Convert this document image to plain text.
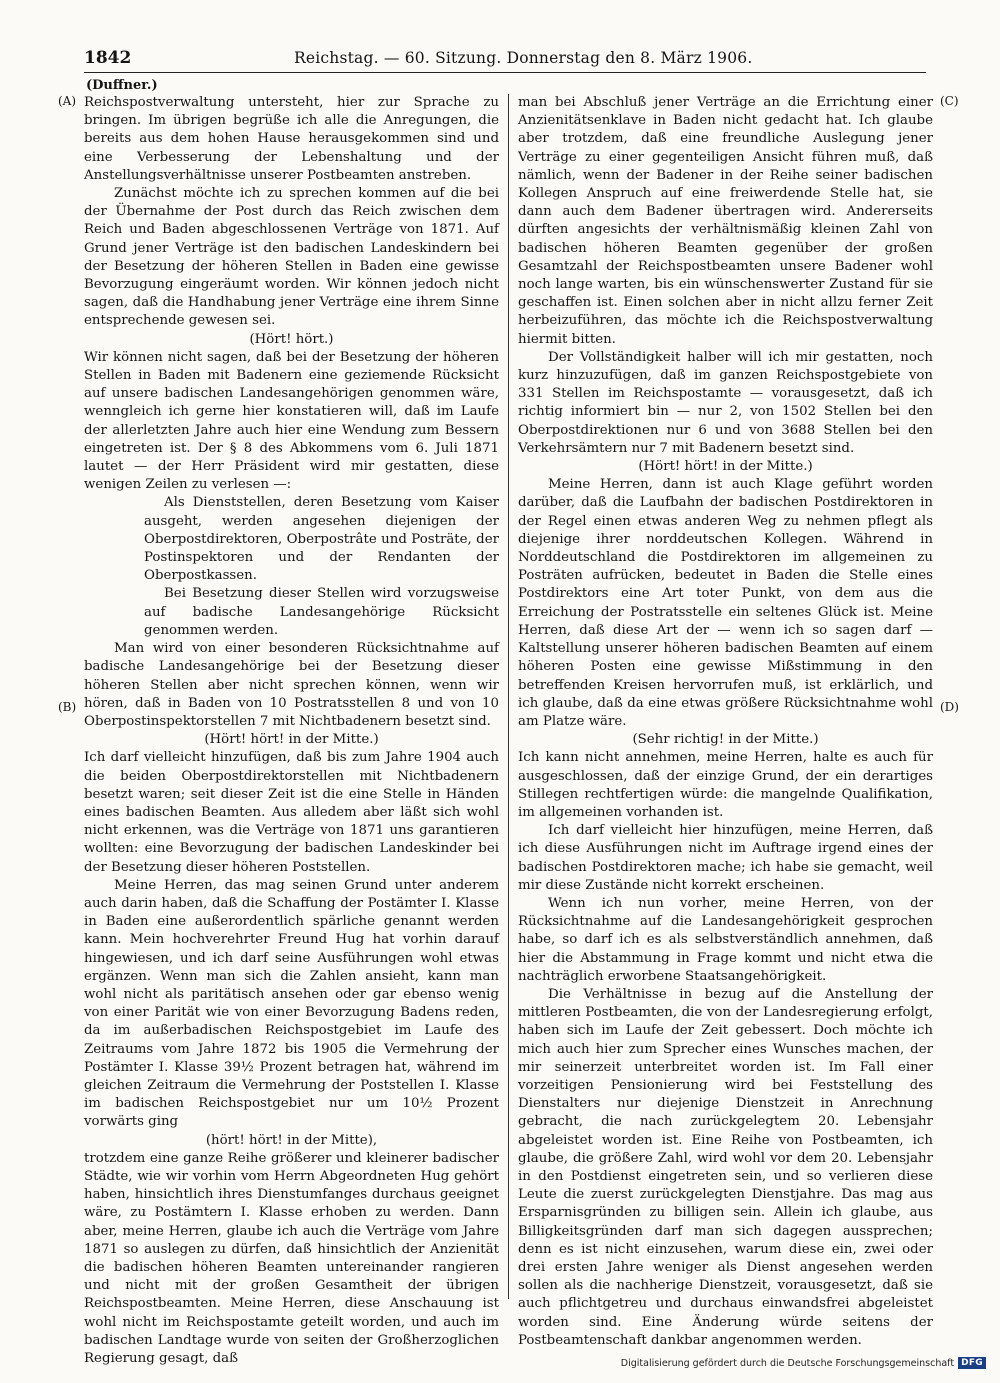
1842	Reichstag. — 60. Sitzung. Donnerstag den 8. März 1906.
(Duffner.)
(A)
(B)
(C)
(D)

Reichspostverwaltung untersteht, hier zur Sprache zu bringen. Im übrigen begrüße ich alle die Anregungen, die bereits aus dem hohen Hause herausgekommen sind und eine Verbesserung der Lebenshaltung und der Anstellungsverhältnisse unserer Postbeamten anstreben.

Zunächst möchte ich zu sprechen kommen auf die bei der Übernahme der Post durch das Reich zwischen dem Reich und Baden abgeschlossenen Verträge von 1871. Auf Grund jener Verträge ist den badischen Landeskindern bei der Besetzung der höheren Stellen in Baden eine gewisse Bevorzugung eingeräumt worden. Wir können jedoch nicht sagen, daß die Handhabung jener Verträge eine ihrem Sinne entsprechende gewesen sei.

(Hört! hört.)

Wir können nicht sagen, daß bei der Besetzung der höheren Stellen in Baden mit Badenern eine geziemende Rücksicht auf unsere badischen Landesangehörigen genommen wäre, wenngleich ich gerne hier konstatieren will, daß im Laufe der allerletzten Jahre auch hier eine Wendung zum Bessern eingetreten ist. Der § 8 des Abkommens vom 6. Juli 1871 lautet — der Herr Präsident wird mir gestatten, diese wenigen Zeilen zu verlesen —:

Als Dienststellen, deren Besetzung vom Kaiser ausgeht, werden angesehen diejenigen der Oberpostdirektoren, Oberpostrâte und Posträte, der Postinspektoren und der Rendanten der Oberpostkassen.

Bei Besetzung dieser Stellen wird vorzugsweise auf badische Landesangehörige Rücksicht genommen werden.

Man wird von einer besonderen Rücksichtnahme auf badische Landesangehörige bei der Besetzung dieser höheren Stellen aber nicht sprechen können, wenn wir hören, daß in Baden von 10 Postratsstellen 8 und von 10 Oberpostinspektorstellen 7 mit Nichtbadenern besetzt sind.

(Hört! hört! in der Mitte.)

Ich darf vielleicht hinzufügen, daß bis zum Jahre 1904 auch die beiden Oberpostdirektorstellen mit Nichtbadenern besetzt waren; seit dieser Zeit ist die eine Stelle in Händen eines badischen Beamten. Aus alledem aber läßt sich wohl nicht erkennen, was die Verträge von 1871 uns garantieren wollten: eine Bevorzugung der badischen Landeskinder bei der Besetzung dieser höheren Poststellen.

Meine Herren, das mag seinen Grund unter anderem auch darin haben, daß die Schaffung der Postämter I. Klasse in Baden eine außerordentlich spärliche genannt werden kann. Mein hochverehrter Freund Hug hat vorhin darauf hingewiesen, und ich darf seine Ausführungen wohl etwas ergänzen. Wenn man sich die Zahlen ansieht, kann man wohl nicht als paritätisch ansehen oder gar ebenso wenig von einer Parität wie von einer Bevorzugung Badens reden, da im außerbadischen Reichspostgebiet im Laufe des Zeitraums vom Jahre 1872 bis 1905 die Vermehrung der Postämter I. Klasse 39½ Prozent betragen hat, während im gleichen Zeitraum die Vermehrung der Poststellen I. Klasse im badischen Reichspostgebiet nur um 10½ Prozent vorwärts ging

(hört! hört! in der Mitte),

trotzdem eine ganze Reihe größerer und kleinerer badischer Städte, wie wir vorhin vom Herrn Abgeordneten Hug gehört haben, hinsichtlich ihres Dienstumfanges durchaus geeignet wäre, zu Postämtern I. Klasse erhoben zu werden. Dann aber, meine Herren, glaube ich auch die Verträge vom Jahre 1871 so auslegen zu dürfen, daß hinsichtlich der Anzienität die badischen höheren Beamten untereinander rangieren und nicht mit der großen Gesamtheit der übrigen Reichspostbeamten. Meine Herren, diese Anschauung ist wohl nicht im Reichspostamte geteilt worden, und auch im badischen Landtage wurde von seiten der Großherzoglichen Regierung gesagt, daß

man bei Abschluß jener Verträge an die Errichtung einer Anzienitätsenklave in Baden nicht gedacht hat. Ich glaube aber trotzdem, daß eine freundliche Auslegung jener Verträge zu einer gegenteiligen Ansicht führen muß, daß nämlich, wenn der Badener in der Reihe seiner badischen Kollegen Anspruch auf eine freiwerdende Stelle hat, sie dann auch dem Badener übertragen wird. Andererseits dürften angesichts der verhältnismäßig kleinen Zahl von badischen höheren Beamten gegenüber der großen Gesamtzahl der Reichspostbeamten unsere Badener wohl noch lange warten, bis ein wünschenswerter Zustand für sie geschaffen ist. Einen solchen aber in nicht allzu ferner Zeit herbeizuführen, das möchte ich die Reichspostverwaltung hiermit bitten.

Der Vollständigkeit halber will ich mir gestatten, noch kurz hinzuzufügen, daß im ganzen Reichspostgebiete von 331 Stellen im Reichspostamte — vorausgesetzt, daß ich richtig informiert bin — nur 2, von 1502 Stellen bei den Oberpostdirektionen nur 6 und von 3688 Stellen bei den Verkehrsämtern nur 7 mit Badenern besetzt sind.

(Hört! hört! in der Mitte.)

Meine Herren, dann ist auch Klage geführt worden darüber, daß die Laufbahn der badischen Postdirektoren in der Regel einen etwas anderen Weg zu nehmen pflegt als diejenige ihrer norddeutschen Kollegen. Während in Norddeutschland die Postdirektoren im allgemeinen zu Posträten aufrücken, bedeutet in Baden die Stelle eines Postdirektors eine Art toter Punkt, von dem aus die Erreichung der Postratsstelle ein seltenes Glück ist. Meine Herren, daß diese Art der — wenn ich so sagen darf — Kaltstellung unserer höheren badischen Beamten auf einem höheren Posten eine gewisse Mißstimmung in den betreffenden Kreisen hervorrufen muß, ist erklärlich, und ich glaube, daß da eine etwas größere Rücksichtnahme wohl am Platze wäre.

(Sehr richtig! in der Mitte.)

Ich kann nicht annehmen, meine Herren, halte es auch für ausgeschlossen, daß der einzige Grund, der ein derartiges Stillegen rechtfertigen würde: die mangelnde Qualifikation, im allgemeinen vorhanden ist.

Ich darf vielleicht hier hinzufügen, meine Herren, daß ich diese Ausführungen nicht im Auftrage irgend eines der badischen Postdirektoren mache; ich habe sie gemacht, weil mir diese Zustände nicht korrekt erscheinen.

Wenn ich nun vorher, meine Herren, von der Rücksichtnahme auf die Landesangehörigkeit gesprochen habe, so darf ich es als selbstverständlich annehmen, daß hier die Abstammung in Frage kommt und nicht etwa die nachträglich erworbene Staatsangehörigkeit.

Die Verhältnisse in bezug auf die Anstellung der mittleren Postbeamten, die von der Landesregierung erfolgt, haben sich im Laufe der Zeit gebessert. Doch möchte ich mich auch hier zum Sprecher eines Wunsches machen, der mir seinerzeit unterbreitet worden ist. Im Fall einer vorzeitigen Pensionierung wird bei Feststellung des Dienstalters nur diejenige Dienstzeit in Anrechnung gebracht, die nach zurückgelegtem 20. Lebensjahr abgeleistet worden ist. Eine Reihe von Postbeamten, ich glaube, die größere Zahl, wird wohl vor dem 20. Lebensjahr in den Postdienst eingetreten sein, und so verlieren diese Leute die zuerst zurückgelegten Dienstjahre. Das mag aus Ersparnisgründen zu billigen sein. Allein ich glaube, aus Billigkeitsgründen darf man sich dagegen aussprechen; denn es ist nicht einzusehen, warum diese ein, zwei oder drei ersten Jahre weniger als Dienst angesehen werden sollen als die nachherige Dienstzeit, vorausgesetzt, daß sie auch pflichtgetreu und durchaus einwandsfrei abgeleistet worden sind. Eine Änderung würde seitens der Postbeamtenschaft dankbar angenommen werden.

Digitalisierung gefördert durch die Deutsche Forschungsgemeinschaft DFG
